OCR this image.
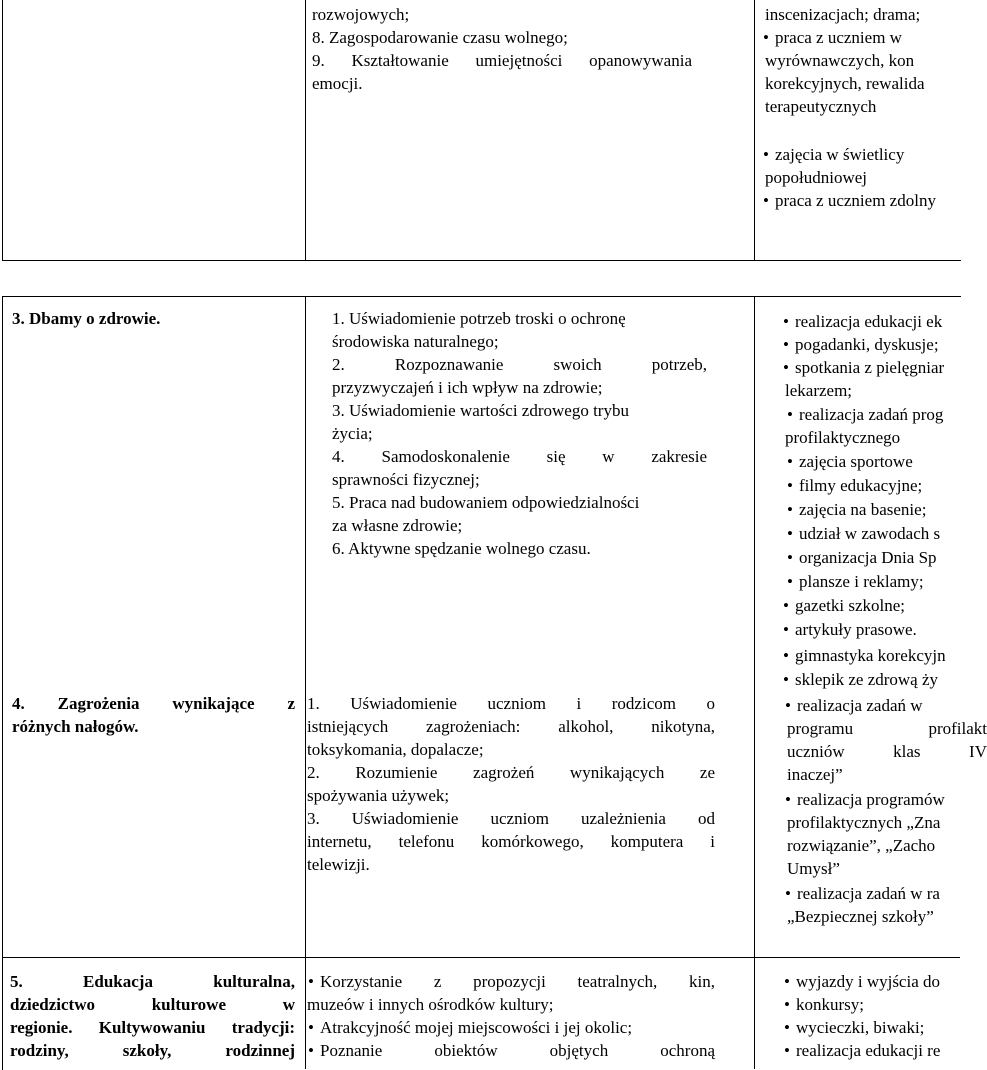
rozwojowych;
8. Zagospodarowanie czasu wolnego;
9. Kształtowanie umiejętności opanowywania
emocji.
inscenizacjach; drama;
• praca z uczniem w
wyrównawczych, kon
korekcyjnych, rewalida
terapeutycznych
• zajęcia w świetlicy
popołudniowej
• praca z uczniem zdolny
3. Dbamy o zdrowie.	1. Uświadomienie potrzeb troski o ochronę
środowiska naturalnego;
2. Rozpoznawanie swoich potrzeb,
przyzwyczajeń i ich wpływ na zdrowie;
3. Uświadomienie wartości zdrowego trybu
życia;
4. Samodoskonalenie się w zakresie
sprawności fizycznej;
5. Praca nad budowaniem odpowiedzialności
za własne zdrowie;
6. Aktywne spędzanie wolnego czasu.
• realizacja edukacji ek
• pogadanki, dyskusje;
• spotkania z pielęgniar
lekarzem;
• realizacja zadań prog
profilaktycznego
• zajęcia sportowe
• filmy edukacyjne;
• zajęcia na basenie;
• udział w zawodach s
• organizacja Dnia Sp
• plansze i reklamy;
• gazetki szkolne;
• artykuły prasowe.
• gimnastyka korekcyjn
• sklepik ze zdrową ży
4. Zagrożenia wynikające z
różnych nałogów.
1. Uświadomienie uczniom i rodzicom o
istniejących zagrożeniach: alkohol, nikotyna,
toksykomania, dopalacze;
2. Rozumienie zagrożeń wynikających ze
spożywania używek;
3. Uświadomienie uczniom uzależnienia od
internetu, telefonu komórkowego, komputera i
telewizji.
• realizacja zadań w
programu profilakt
uczniów klas IV
inaczej”
• realizacja programów
profilaktycznych „Zna
rozwiązanie”, „Zacho
Umysł”
• realizacja zadań w ra
„Bezpiecznej szkoły”
5. Edukacja kulturalna,
dziedzictwo kulturowe w
regionie. Kultywowaniu tradycji:
rodziny, szkoły, rodzinnej
• Korzystanie z propozycji teatralnych, kin,
muzeów i innych ośrodków kultury;
• Atrakcyjność mojej miejscowości i jej okolic;
• Poznanie obiektów objętych ochroną
• wyjazdy i wyjścia do
• konkursy;
• wycieczki, biwaki;
• realizacja edukacji re
